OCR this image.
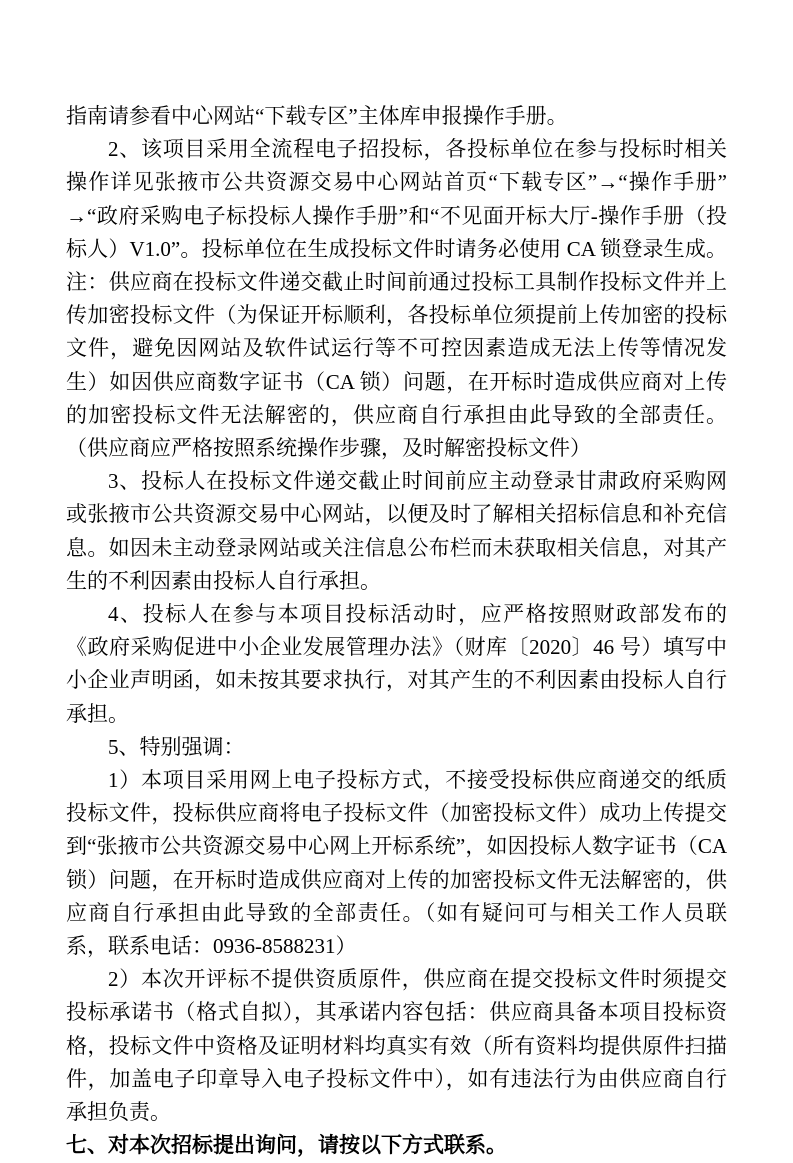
指南请参看中心网站“下载专区”主体库申报操作手册。

2、该项目采用全流程电子招投标，各投标单位在参与投标时相关操作详见张掖市公共资源交易中心网站首页“下载专区”→“操作手册”→“政府采购电子标投标人操作手册”和“不见面开标大厅-操作手册（投标人）V1.0”。投标单位在生成投标文件时请务必使用 CA 锁登录生成。注：供应商在投标文件递交截止时间前通过投标工具制作投标文件并上传加密投标文件（为保证开标顺利，各投标单位须提前上传加密的投标文件，避免因网站及软件试运行等不可控因素造成无法上传等情况发生）如因供应商数字证书（CA 锁）问题，在开标时造成供应商对上传的加密投标文件无法解密的，供应商自行承担由此导致的全部责任。（供应商应严格按照系统操作步骤，及时解密投标文件）

3、投标人在投标文件递交截止时间前应主动登录甘肃政府采购网或张掖市公共资源交易中心网站，以便及时了解相关招标信息和补充信息。如因未主动登录网站或关注信息公布栏而未获取相关信息，对其产生的不利因素由投标人自行承担。

4、投标人在参与本项目投标活动时，应严格按照财政部发布的《政府采购促进中小企业发展管理办法》（财库〔2020〕46 号）填写中小企业声明函，如未按其要求执行，对其产生的不利因素由投标人自行承担。

5、特别强调：

1）本项目采用网上电子投标方式，不接受投标供应商递交的纸质投标文件，投标供应商将电子投标文件（加密投标文件）成功上传提交到“张掖市公共资源交易中心网上开标系统”，如因投标人数字证书（CA 锁）问题，在开标时造成供应商对上传的加密投标文件无法解密的，供应商自行承担由此导致的全部责任。（如有疑问可与相关工作人员联系，联系电话：0936-8588231）

2）本次开评标不提供资质原件，供应商在提交投标文件时须提交投标承诺书（格式自拟），其承诺内容包括：供应商具备本项目投标资格，投标文件中资格及证明材料均真实有效（所有资料均提供原件扫描件，加盖电子印章导入电子投标文件中），如有违法行为由供应商自行承担负责。

七、对本次招标提出询问，请按以下方式联系。
